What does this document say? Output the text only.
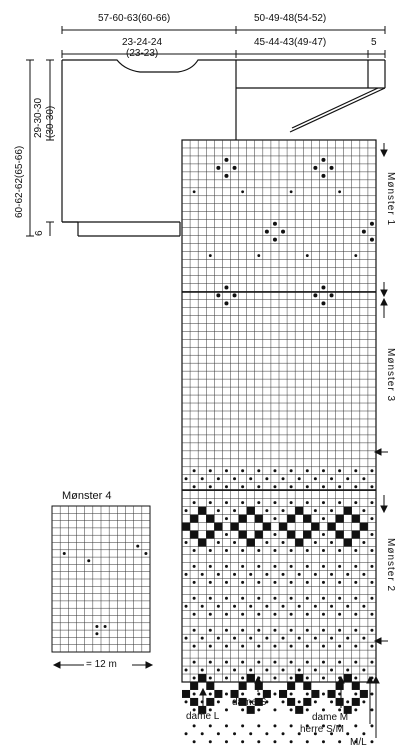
57-60-63(60-66)	50-49-48(54-52)
23-24-24
(23-23)
45-44-43(49-47)	5
60-62-62(65-66)
29-30-30 (30-30)
6
Mønster 1
Mønster 3
Mønster 2
Mønster 4
= 12 m
dame L
dame S
dame M
herre S/M
M/L
